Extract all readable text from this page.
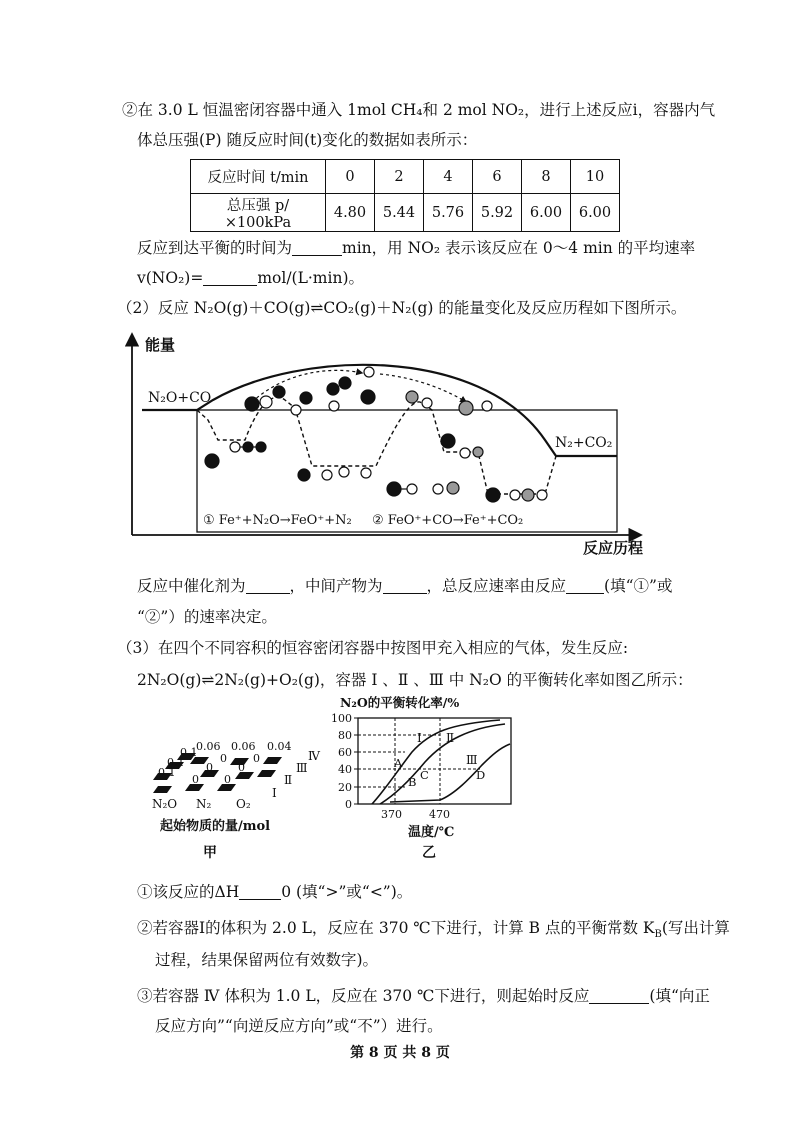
②在 3.0 L 恒温密闭容器中通入 1mol CH₄和 2 mol NO₂，进行上述反应ⅰ，容器内气
体总压强(P) 随反应时间(t)变化的数据如表所示：
反应时间 t/min	0	2	4	6	8	10
总压强 p/×100kPa	4.80	5.44	5.76	5.92	6.00	6.00
反应到达平衡的时间为	min，用 NO₂ 表示该反应在 0～4 min 的平均速率
v(NO₂)=	mol/(L·min)。
（2）反应 N₂O(g)＋CO(g)⇌CO₂(g)＋N₂(g) 的能量变化及反应历程如下图所示。
能量
反应历程
N₂O+CO
N₂+CO₂
① Fe⁺+N₂O→FeO⁺+N₂ ② FeO⁺+CO→Fe⁺+CO₂
反应中催化剂为	，中间产物为	，总反应速率由反应 (填“①”或
“②”）的速率决定。
（3）在四个不同容积的恒容密闭容器中按图甲充入相应的气体，发生反应:
2N₂O(g)⇌2N₂(g)+O₂(g)，容器 Ⅰ 、Ⅱ 、Ⅲ 中 N₂O 的平衡转化率如图乙所示：
0.1
0.1
0.1
0.06
0
0
0
0.06
0
0
0
0.04
Ⅰ
Ⅱ
Ⅲ
Ⅳ
N₂O N₂ O₂
起始物质的量/mol
甲
N₂O的平衡转化率/%
100
80
60
40
20
0
Ⅰ Ⅱ
Ⅲ
A
B C	D
370 470
温度/℃
乙
①该反应的ΔH	0 (填“>”或“<”)。
②若容器Ⅰ的体积为 2.0 L，反应在 370 ℃下进行，计算 B 点的平衡常数 $K_B$(写出计算
过程，结果保留两位有效数字)。
③若容器 Ⅳ 体积为 1.0 L，反应在 370 ℃下进行，则起始时反应	(填“向正
反应方向”“向逆反应方向”或“不”）进行。
第 8 页 共 8 页
